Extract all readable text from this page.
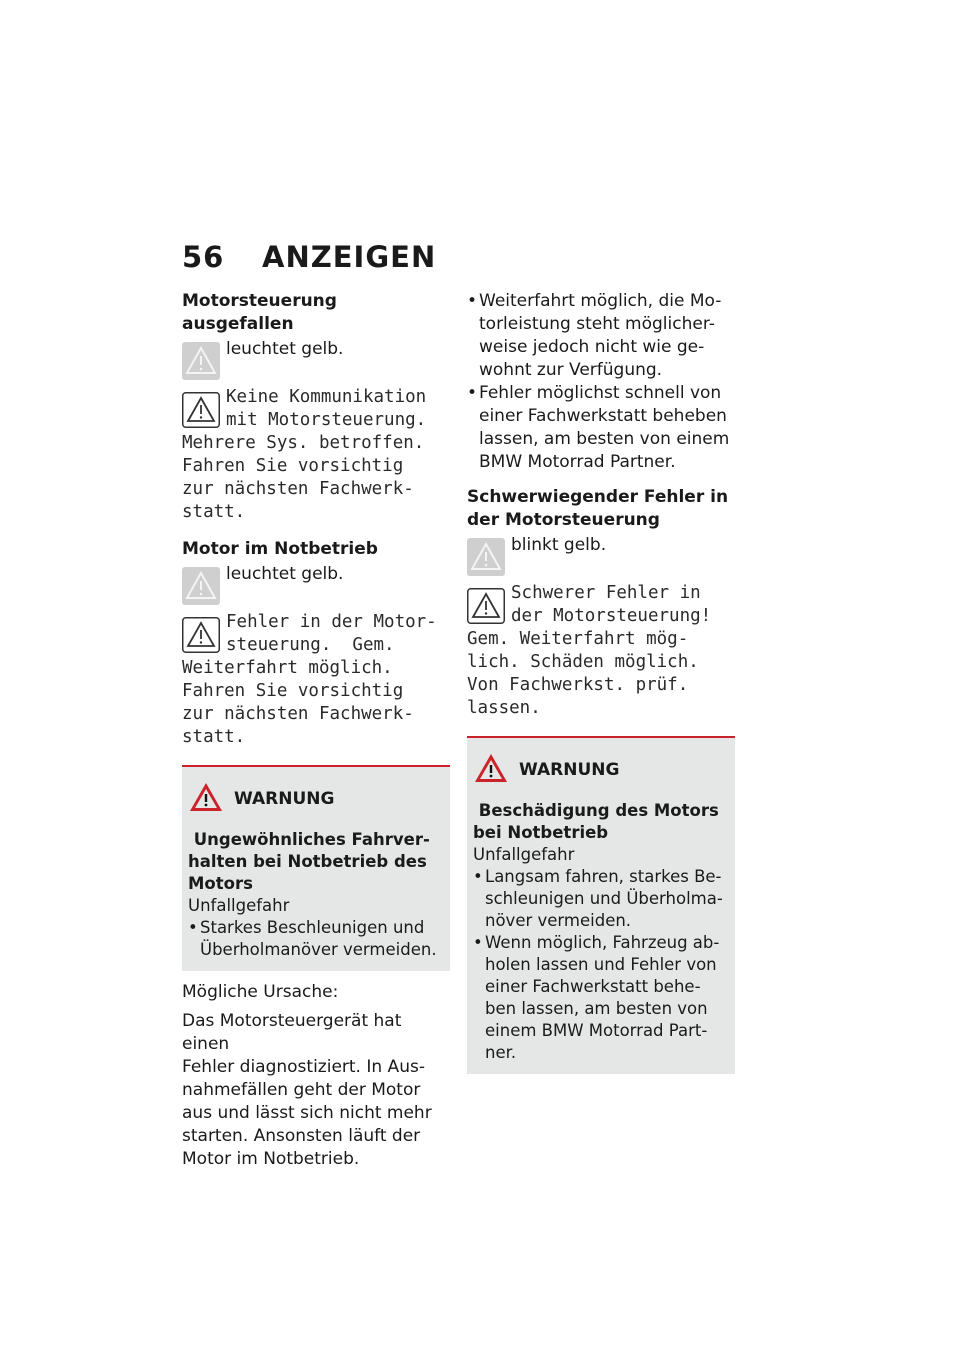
56 ANZEIGEN

Motorsteuerung ausgefallen

leuchtet gelb.

Keine Kommunikation

mit Motorsteuerung.

Mehrere Sys. betroffen.

Fahren Sie vorsichtig

zur nächsten Fachwerk-

statt.

Motor im Notbetrieb

leuchtet gelb.

Fehler in der Motor-

steuerung.  Gem.

Weiterfahrt möglich.

Fahren Sie vorsichtig

zur nächsten Fachwerk-

statt.

WARNUNG

Ungewöhnliches Fahrver-

halten bei Notbetrieb des

Motors

Unfallgefahr

• Starkes Beschleunigen und
Überholmanöver vermeiden.

Mögliche Ursache:

Das Motorsteuergerät hat einen

Fehler diagnostiziert. In Aus-

nahmefällen geht der Motor

aus und lässt sich nicht mehr

starten. Ansonsten läuft der

Motor im Notbetrieb.

• Weiterfahrt möglich, die Mo-
torleistung steht möglicher-
weise jedoch nicht wie ge-
wohnt zur Verfügung.
• Fehler möglichst schnell von
einer Fachwerkstatt beheben
lassen, am besten von einem
BMW Motorrad Partner.

Schwerwiegender Fehler in

der Motorsteuerung

blinkt gelb.

Schwerer Fehler in

der Motorsteuerung!

Gem. Weiterfahrt mög-

lich. Schäden möglich.

Von Fachwerkst. prüf.

lassen.

WARNUNG

Beschädigung des Motors

bei Notbetrieb

Unfallgefahr

• Langsam fahren, starkes Be-
schleunigen und Überholma-
növer vermeiden.
• Wenn möglich, Fahrzeug ab-
holen lassen und Fehler von
einer Fachwerkstatt behe-
ben lassen, am besten von
einem BMW Motorrad Part-
ner.
